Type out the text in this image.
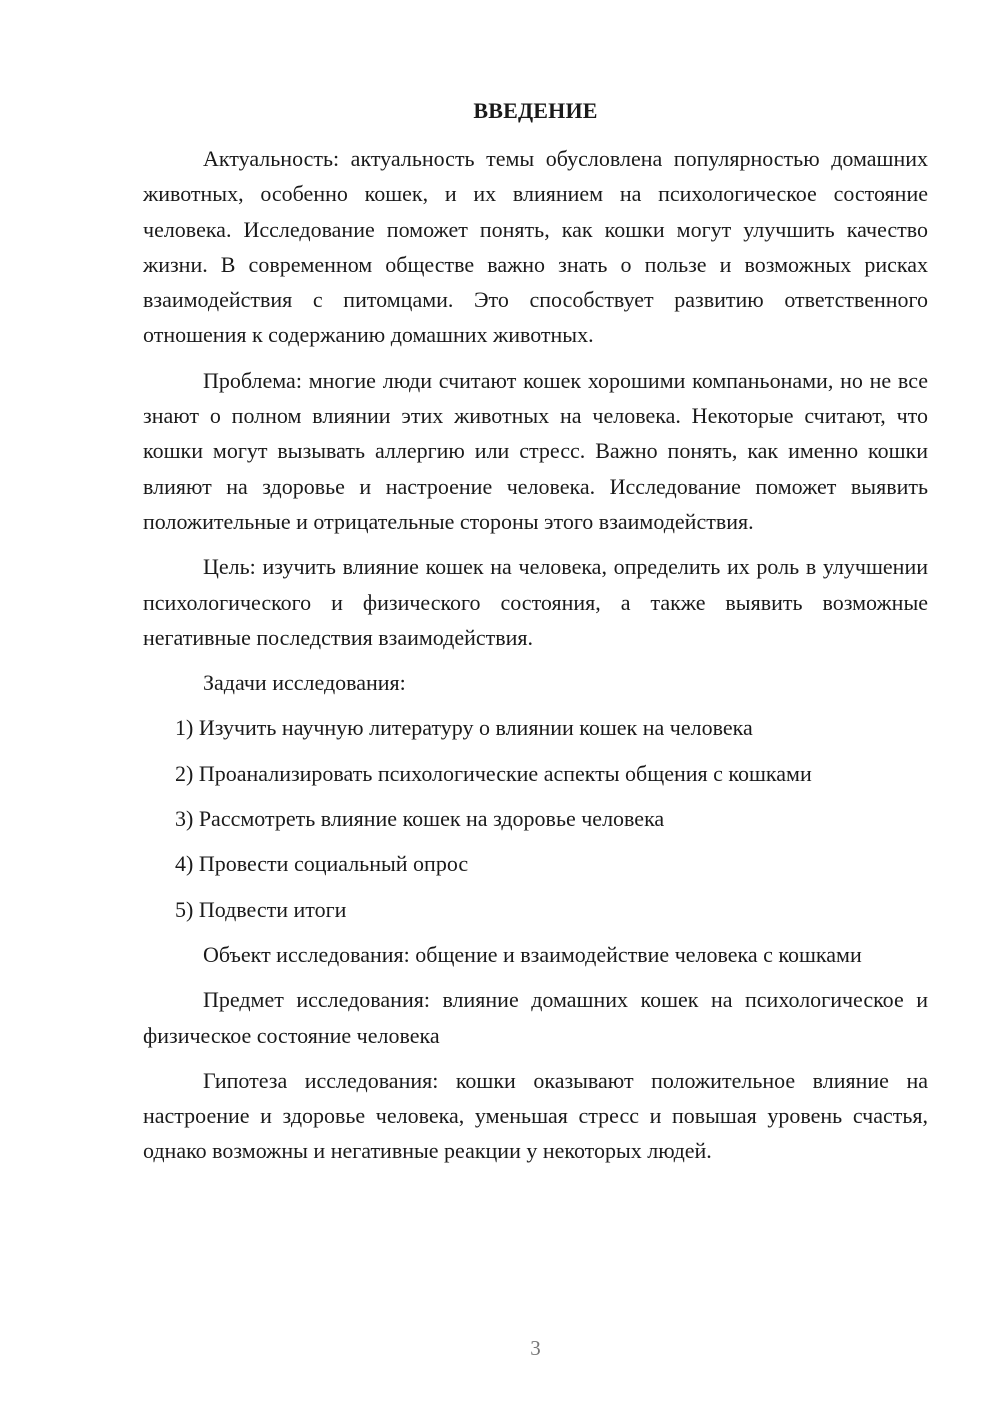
ВВЕДЕНИЕ

Актуальность: актуальность темы обусловлена популярностью домашних животных, особенно кошек, и их влиянием на психологическое состояние человека. Исследование поможет понять, как кошки могут улучшить качество жизни. В современном обществе важно знать о пользе и возможных рисках взаимодействия с питомцами. Это способствует развитию ответственного отношения к содержанию домашних животных.

Проблема: многие люди считают кошек хорошими компаньонами, но не все знают о полном влиянии этих животных на человека. Некоторые считают, что кошки могут вызывать аллергию или стресс. Важно понять, как именно кошки влияют на здоровье и настроение человека. Исследование поможет выявить положительные и отрицательные стороны этого взаимодействия.

Цель: изучить влияние кошек на человека, определить их роль в улучшении психологического и физического состояния, а также выявить возможные негативные последствия взаимодействия.

Задачи исследования:

1) Изучить научную литературу о влиянии кошек на человека
2) Проанализировать психологические аспекты общения с кошками
3) Рассмотреть влияние кошек на здоровье человека
4) Провести социальный опрос
5) Подвести итоги

Объект исследования: общение и взаимодействие человека с кошками

Предмет исследования: влияние домашних кошек на психологическое и физическое состояние человека

Гипотеза исследования: кошки оказывают положительное влияние на настроение и здоровье человека, уменьшая стресс и повышая уровень счастья, однако возможны и негативные реакции у некоторых людей.

3
